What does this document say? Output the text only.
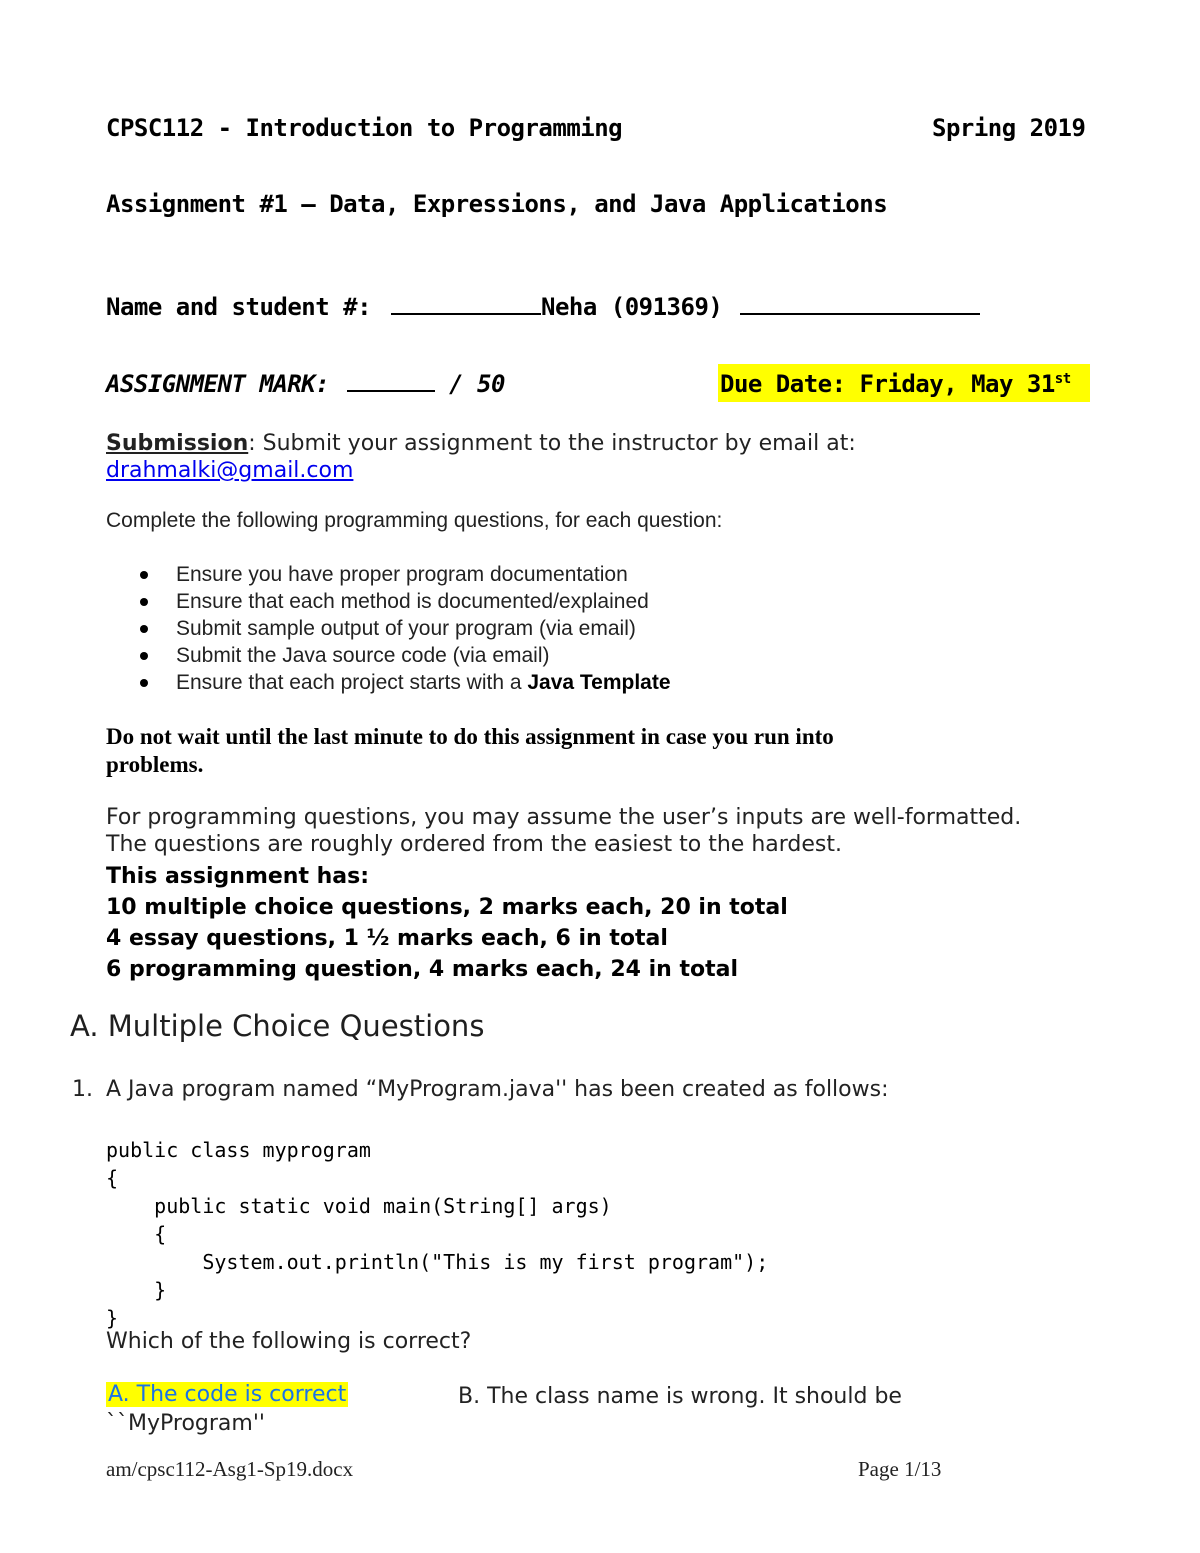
CPSC112 - Introduction to Programming	Spring 2019
Assignment #1 – Data, Expressions, and Java Applications
Name and student #:	Neha (091369)
ASSIGNMENT MARK:	/ 50	Due Date: Friday, May 31st
Submission: Submit your assignment to the instructor by email at:
drahmalki@gmail.com
Complete the following programming questions, for each question:
Ensure you have proper program documentation
Ensure that each method is documented/explained
Submit sample output of your program (via email)
Submit the Java source code (via email)
Ensure that each project starts with a Java Template
Do not wait until the last minute to do this assignment in case you run into
problems.
For programming questions, you may assume the user’s inputs are well-formatted.
The questions are roughly ordered from the easiest to the hardest.
This assignment has:
10 multiple choice questions, 2 marks each, 20 in total
4 essay questions, 1 ½ marks each, 6 in total
6 programming question, 4 marks each, 24 in total
A. Multiple Choice Questions
1. A Java program named “MyProgram.java'' has been created as follows:
public class myprogram
{
public static void main(String[] args)
{
System.out.println("This is my first program");
}
}
Which of the following is correct?
A. The code is correct	B. The class name is wrong. It should be
``MyProgram''
am/cpsc112-Asg1-Sp19.docx	Page 1/13
